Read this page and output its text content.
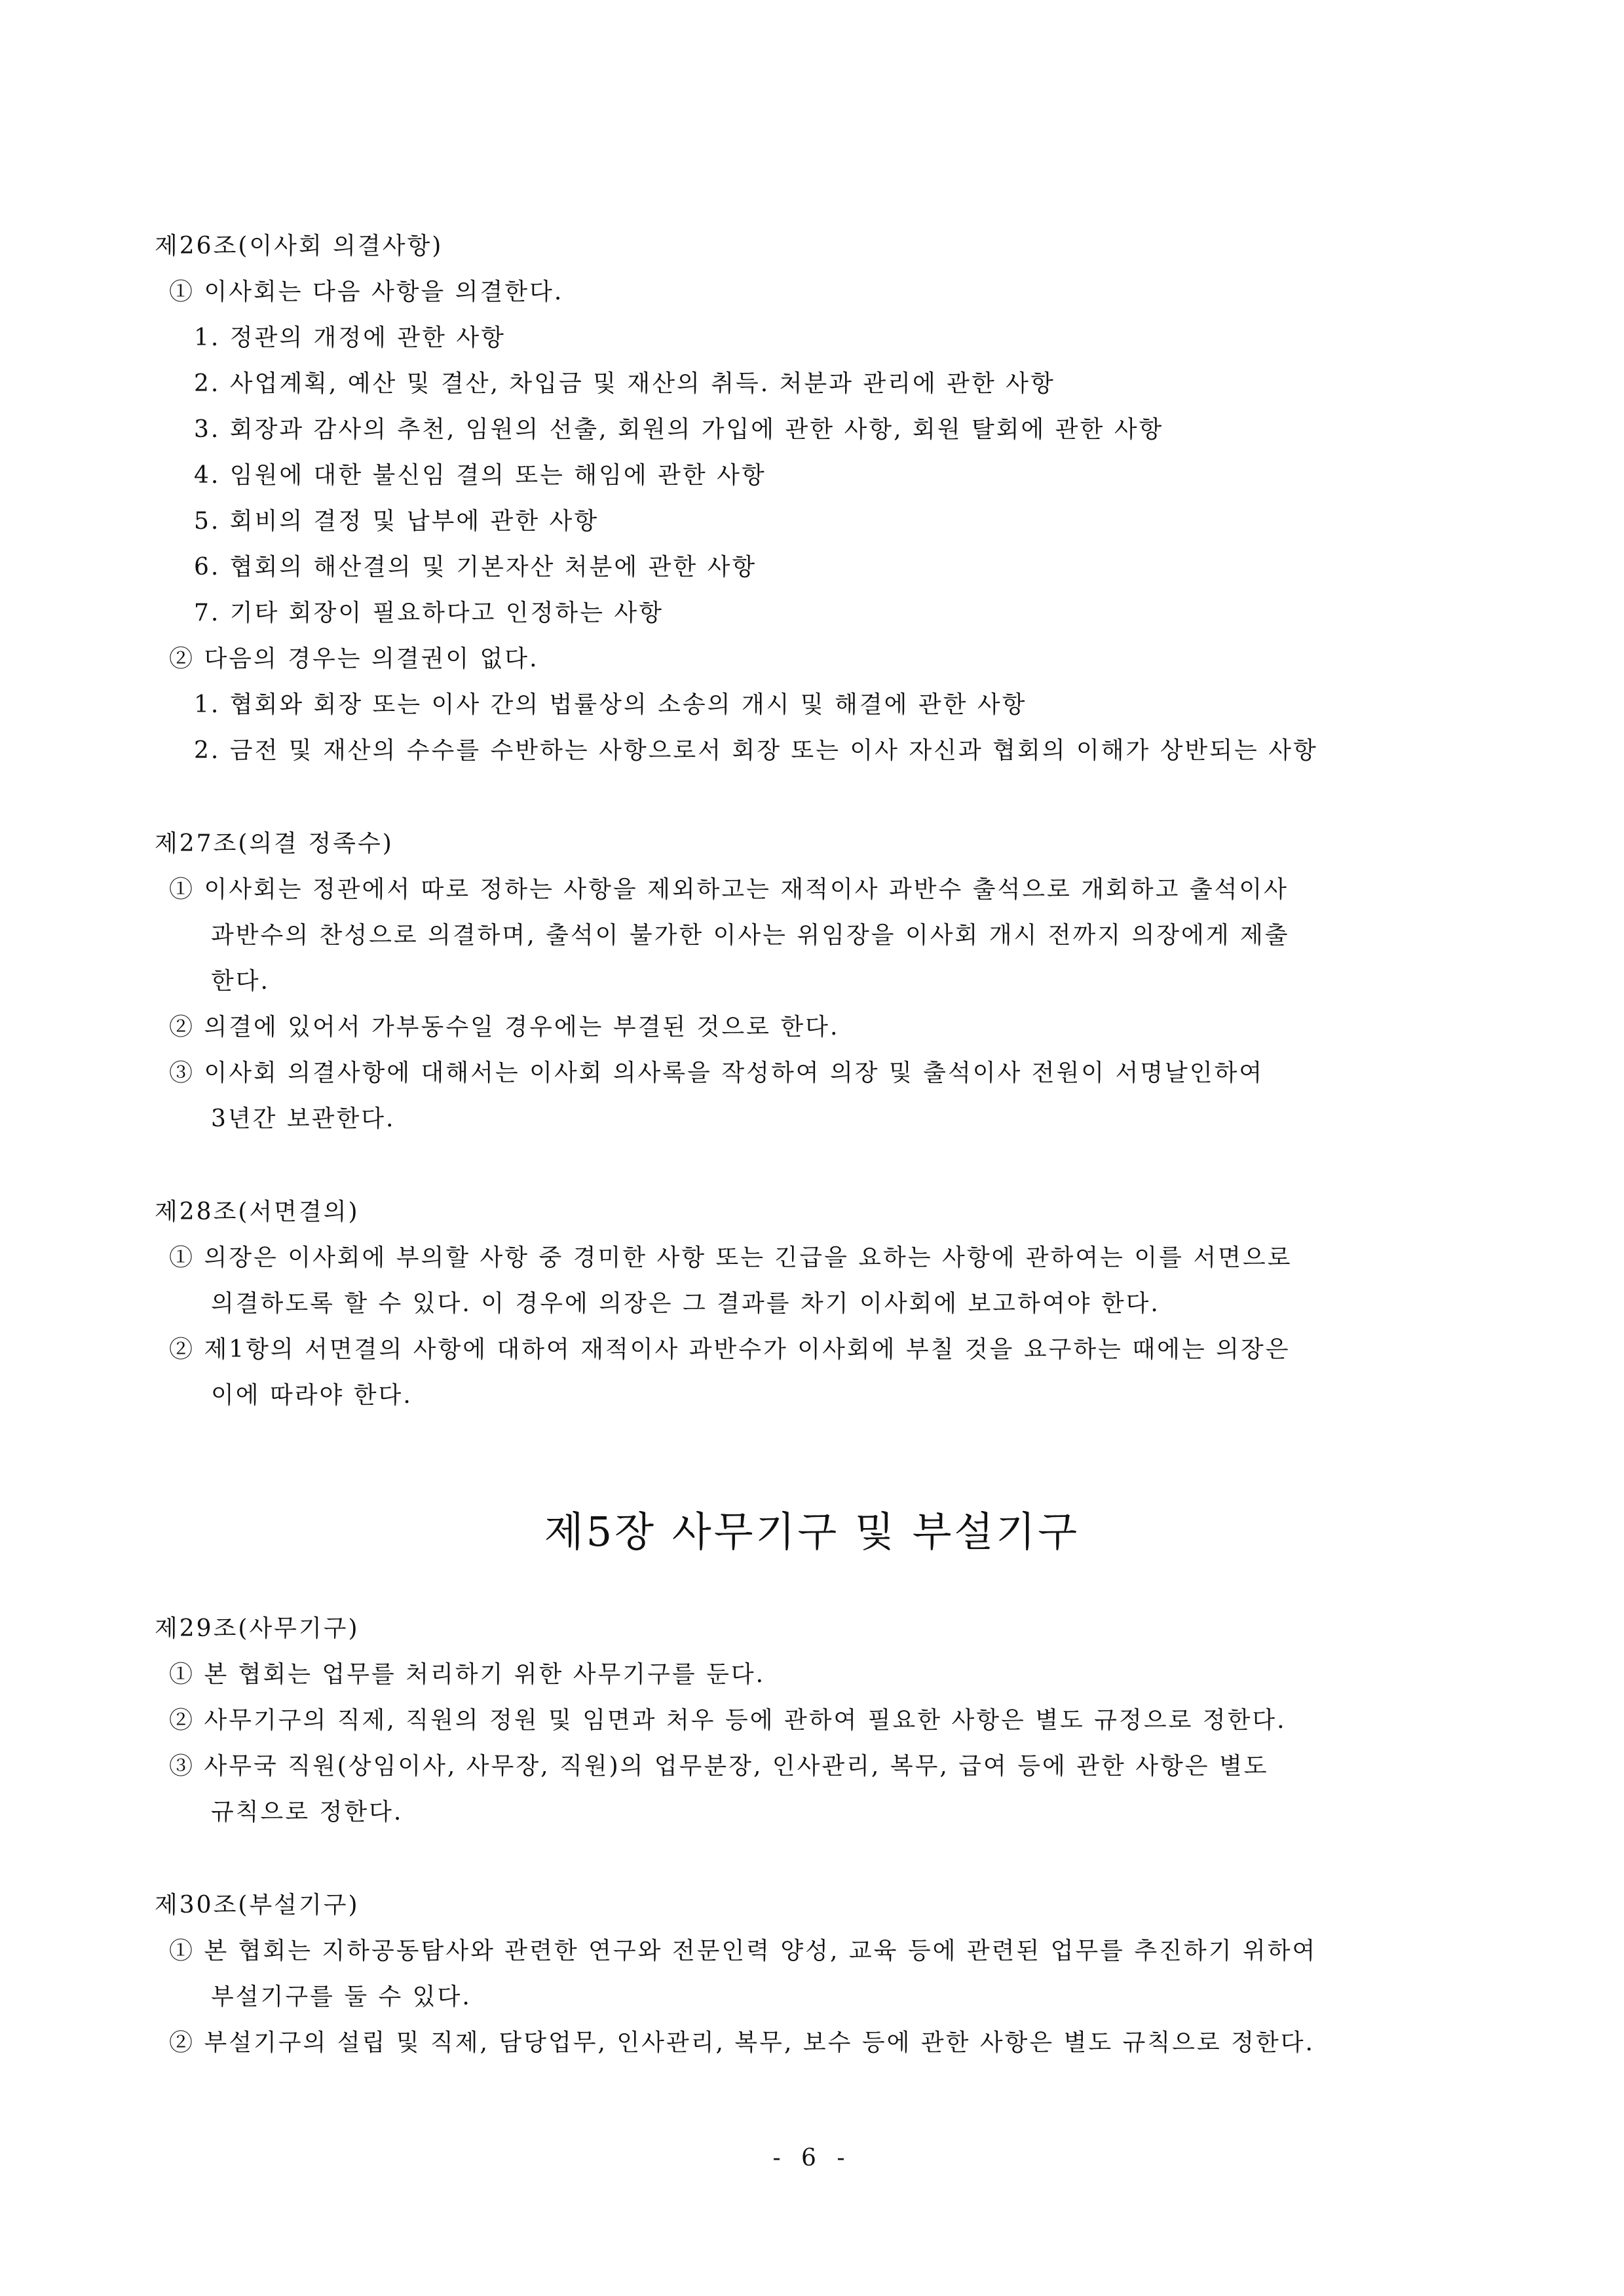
제26조(이사회 의결사항)
① 이사회는 다음 사항을 의결한다.
1. 정관의 개정에 관한 사항
2. 사업계획, 예산 및 결산, 차입금 및 재산의 취득. 처분과 관리에 관한 사항
3. 회장과 감사의 추천, 임원의 선출, 회원의 가입에 관한 사항, 회원 탈회에 관한 사항
4. 임원에 대한 불신임 결의 또는 해임에 관한 사항
5. 회비의 결정 및 납부에 관한 사항
6. 협회의 해산결의 및 기본자산 처분에 관한 사항
7. 기타 회장이 필요하다고 인정하는 사항
② 다음의 경우는 의결권이 없다.
1. 협회와 회장 또는 이사 간의 법률상의 소송의 개시 및 해결에 관한 사항
2. 금전 및 재산의 수수를 수반하는 사항으로서 회장 또는 이사 자신과 협회의 이해가 상반되는 사항
제27조(의결 정족수)
① 이사회는 정관에서 따로 정하는 사항을 제외하고는 재적이사 과반수 출석으로 개회하고 출석이사
과반수의 찬성으로 의결하며, 출석이 불가한 이사는 위임장을 이사회 개시 전까지 의장에게 제출
한다.
② 의결에 있어서 가부동수일 경우에는 부결된 것으로 한다.
③ 이사회 의결사항에 대해서는 이사회 의사록을 작성하여 의장 및 출석이사 전원이 서명날인하여
3년간 보관한다.
제28조(서면결의)
① 의장은 이사회에 부의할 사항 중 경미한 사항 또는 긴급을 요하는 사항에 관하여는 이를 서면으로
의결하도록 할 수 있다. 이 경우에 의장은 그 결과를 차기 이사회에 보고하여야 한다.
② 제1항의 서면결의 사항에 대하여 재적이사 과반수가 이사회에 부칠 것을 요구하는 때에는 의장은
이에 따라야 한다.
제5장 사무기구 및 부설기구
제29조(사무기구)
① 본 협회는 업무를 처리하기 위한 사무기구를 둔다.
② 사무기구의 직제, 직원의 정원 및 임면과 처우 등에 관하여 필요한 사항은 별도 규정으로 정한다.
③ 사무국 직원(상임이사, 사무장, 직원)의 업무분장, 인사관리, 복무, 급여 등에 관한 사항은 별도
규칙으로 정한다.
제30조(부설기구)
① 본 협회는 지하공동탐사와 관련한 연구와 전문인력 양성, 교육 등에 관련된 업무를 추진하기 위하여
부설기구를 둘 수 있다.
② 부설기구의 설립 및 직제, 담당업무, 인사관리, 복무, 보수 등에 관한 사항은 별도 규칙으로 정한다.
- 6 -
